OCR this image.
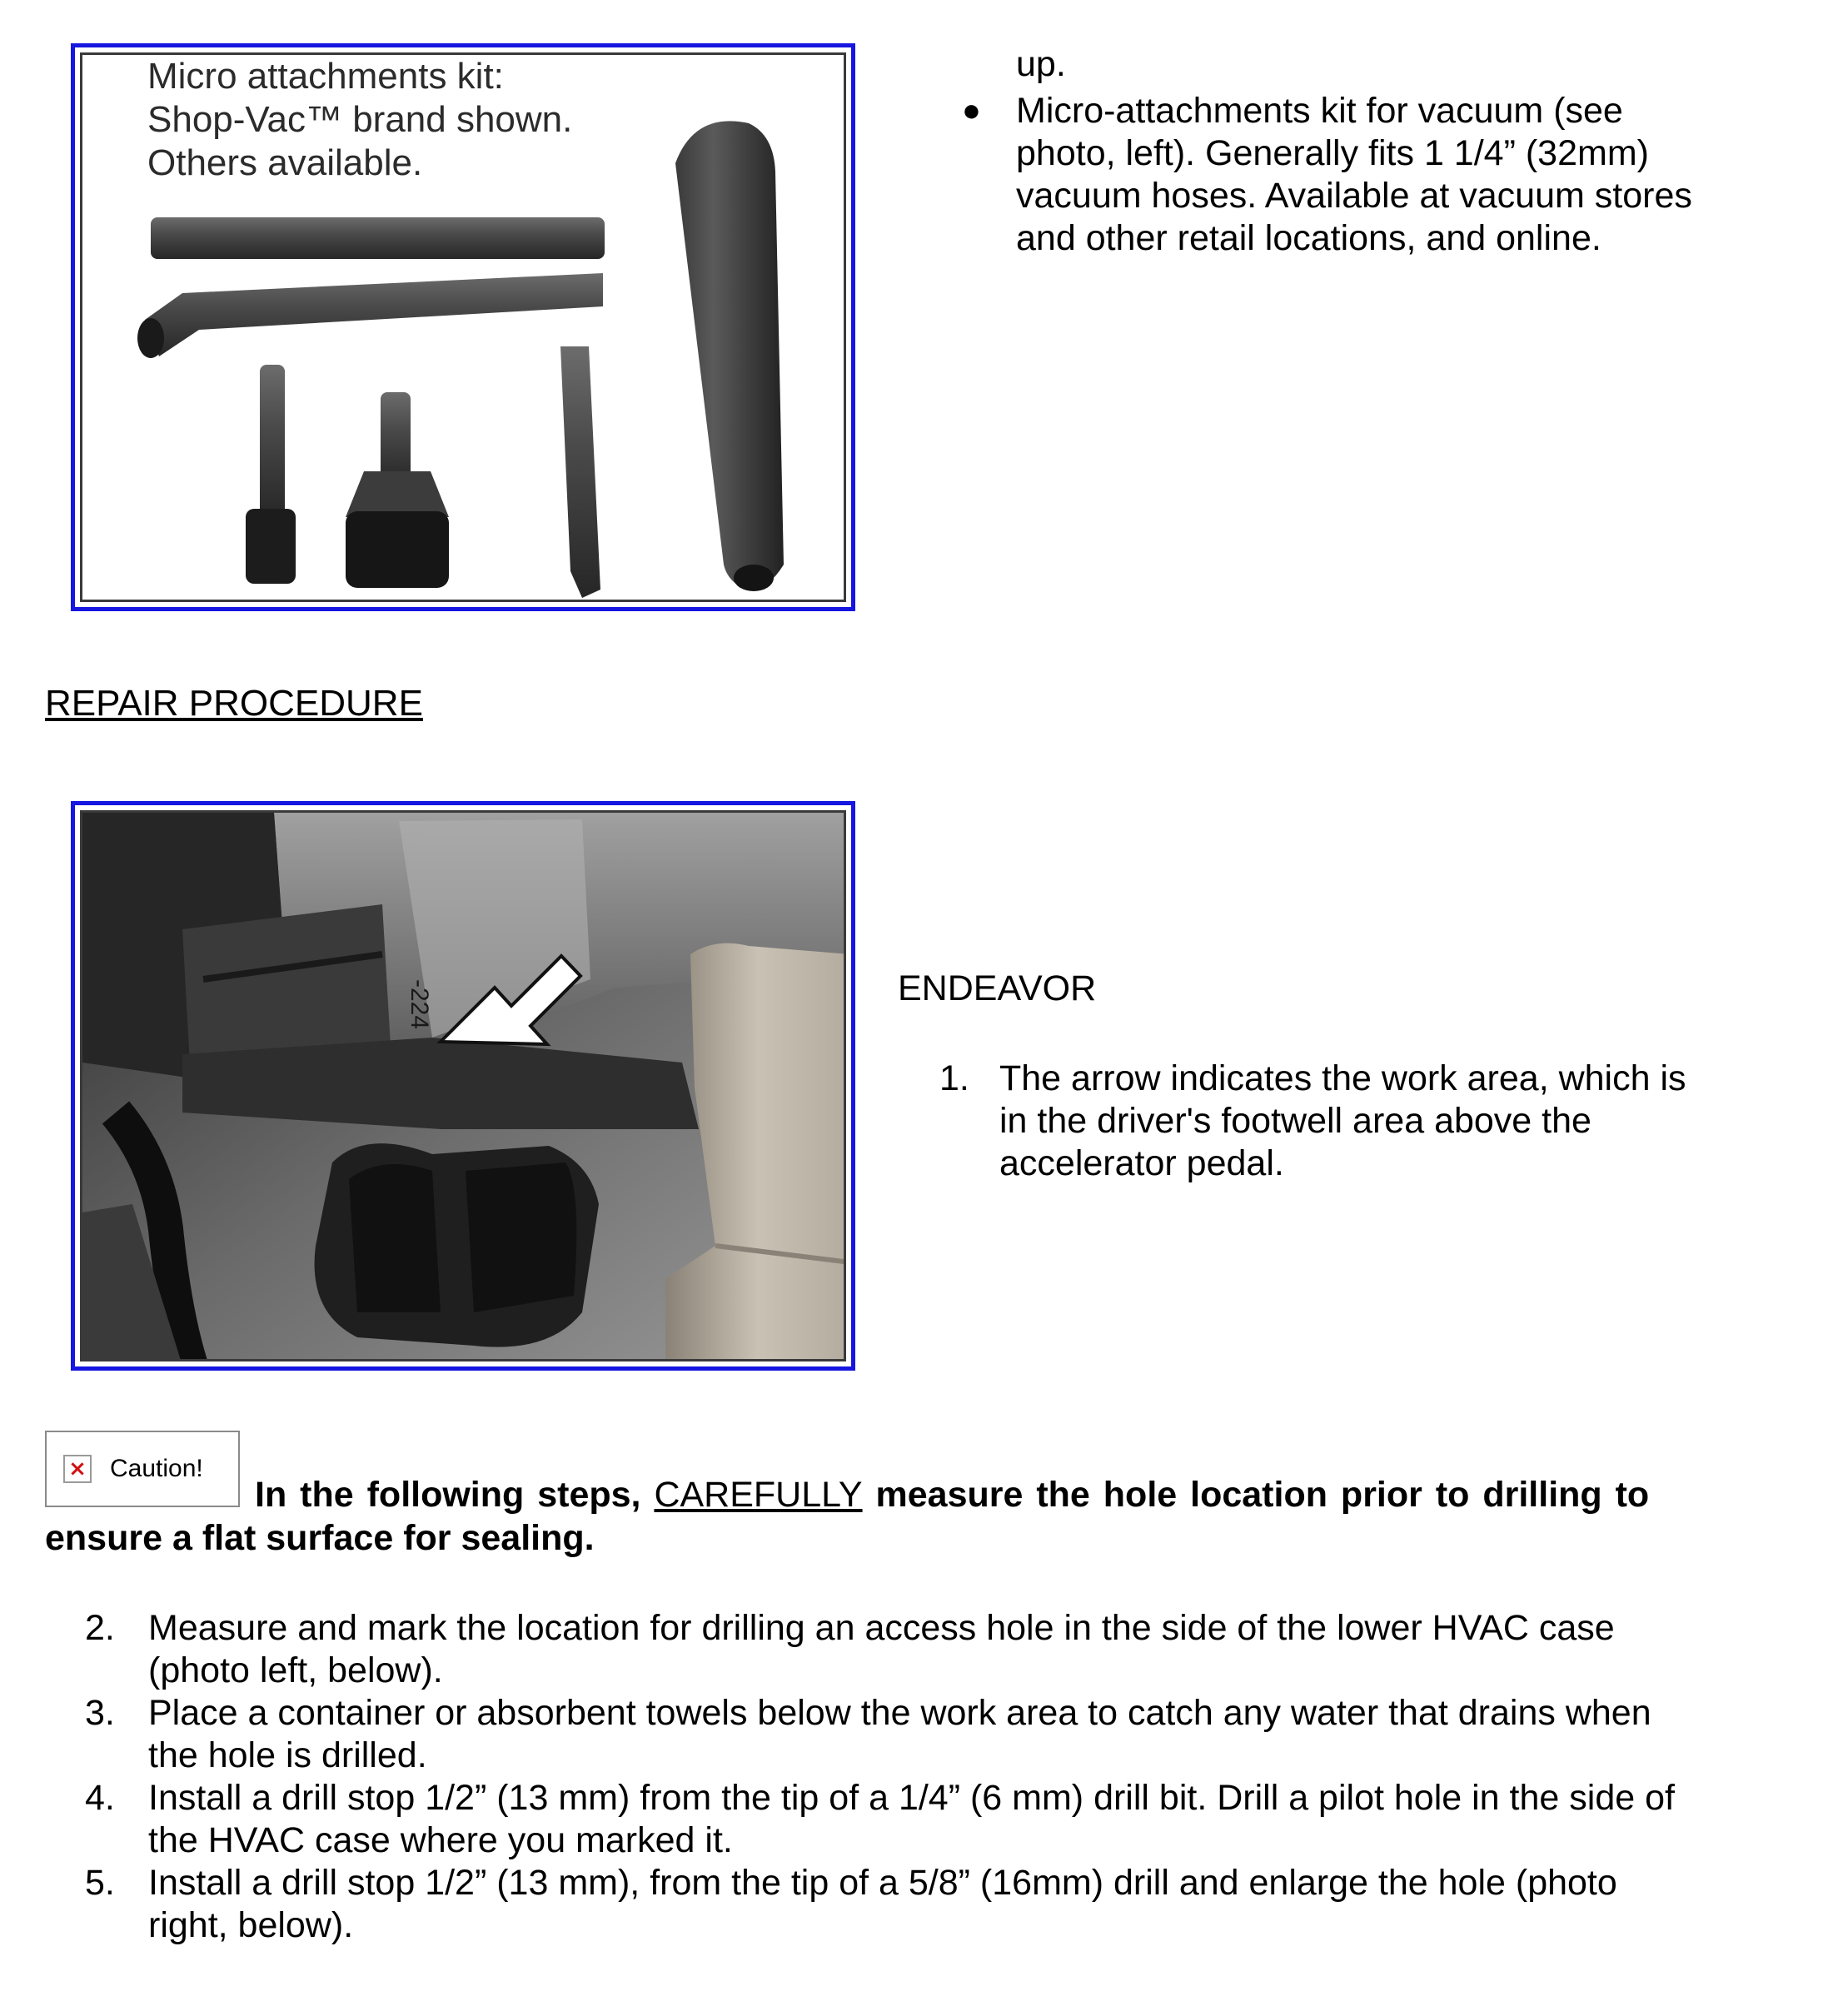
Micro attachments kit:
Shop-Vac™ brand shown.
Others available.
up.
● Micro-attachments kit for vacuum (see
photo, left). Generally fits 1 1/4” (32mm)
vacuum hoses. Available at vacuum stores
and other retail locations, and online.
REPAIR PROCEDURE
-224	ENDEAVOR
1. The arrow indicates the work area, which is
in the driver's footwell area above the
accelerator pedal.
× Caution!
In the following steps, CAREFULLY measure the hole location prior to drilling to
ensure a flat surface for sealing.
2. Measure and mark the location for drilling an access hole in the side of the lower HVAC case
(photo left, below).
3. Place a container or absorbent towels below the work area to catch any water that drains when
the hole is drilled.
4. Install a drill stop 1/2” (13 mm) from the tip of a 1/4” (6 mm) drill bit. Drill a pilot hole in the side of
the HVAC case where you marked it.
5. Install a drill stop 1/2” (13 mm), from the tip of a 5/8” (16mm) drill and enlarge the hole (photo
right, below).
